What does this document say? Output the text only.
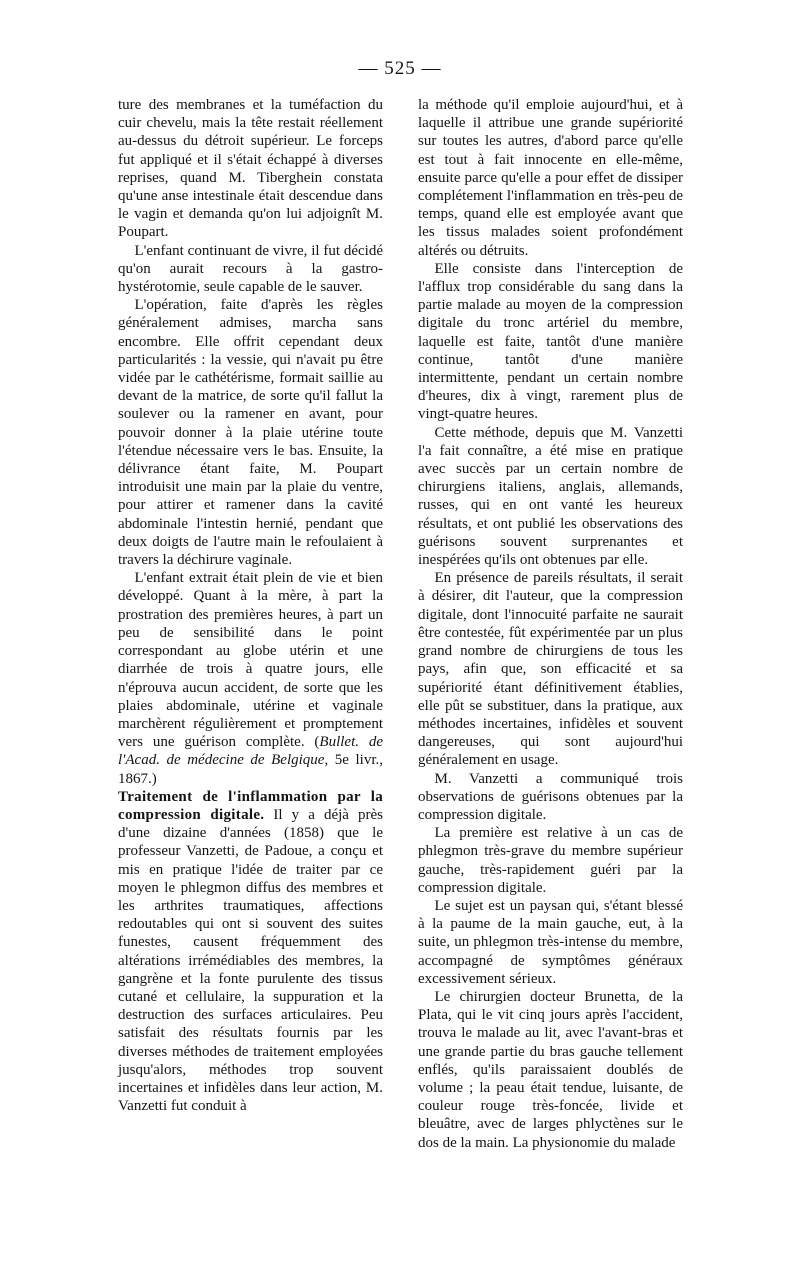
— 525 —

ture des membranes et la tuméfaction du cuir chevelu, mais la tête restait réellement au-dessus du détroit supérieur. Le forceps fut appliqué et il s'était échappé à diverses reprises, quand M. Tiberghein constata qu'une anse intestinale était descendue dans le vagin et demanda qu'on lui adjoignît M. Poupart.

L'enfant continuant de vivre, il fut décidé qu'on aurait recours à la gastro-hystérotomie, seule capable de le sauver.

L'opération, faite d'après les règles généralement admises, marcha sans encombre. Elle offrit cependant deux particularités : la vessie, qui n'avait pu être vidée par le cathétérisme, formait saillie au devant de la matrice, de sorte qu'il fallut la soulever ou la ramener en avant, pour pouvoir donner à la plaie utérine toute l'étendue nécessaire vers le bas. Ensuite, la délivrance étant faite, M. Poupart introduisit une main par la plaie du ventre, pour attirer et ramener dans la cavité abdominale l'intestin hernié, pendant que deux doigts de l'autre main le refoulaient à travers la déchirure vaginale.

L'enfant extrait était plein de vie et bien développé. Quant à la mère, à part la prostration des premières heures, à part un peu de sensibilité dans le point correspondant au globe utérin et une diarrhée de trois à quatre jours, elle n'éprouva aucun accident, de sorte que les plaies abdominale, utérine et vaginale marchèrent régulièrement et promptement vers une guérison complète. (Bullet. de l'Acad. de médecine de Belgique, 5e livr., 1867.)

Traitement de l'inflammation par la compression digitale. Il y a déjà près d'une dizaine d'années (1858) que le professeur Vanzetti, de Padoue, a conçu et mis en pratique l'idée de traiter par ce moyen le phlegmon diffus des membres et les arthrites traumatiques, affections redoutables qui ont si souvent des suites funestes, causent fréquemment des altérations irrémédiables des membres, la gangrène et la fonte purulente des tissus cutané et cellulaire, la suppuration et la destruction des surfaces articulaires. Peu satisfait des résultats fournis par les diverses méthodes de traitement employées jusqu'alors, méthodes trop souvent incertaines et infidèles dans leur action, M. Vanzetti fut conduit à

la méthode qu'il emploie aujourd'hui, et à laquelle il attribue une grande supériorité sur toutes les autres, d'abord parce qu'elle est tout à fait innocente en elle-même, ensuite parce qu'elle a pour effet de dissiper complétement l'inflammation en très-peu de temps, quand elle est employée avant que les tissus malades soient profondément altérés ou détruits.

Elle consiste dans l'interception de l'afflux trop considérable du sang dans la partie malade au moyen de la compression digitale du tronc artériel du membre, laquelle est faite, tantôt d'une manière continue, tantôt d'une manière intermittente, pendant un certain nombre d'heures, dix à vingt, rarement plus de vingt-quatre heures.

Cette méthode, depuis que M. Vanzetti l'a fait connaître, a été mise en pratique avec succès par un certain nombre de chirurgiens italiens, anglais, allemands, russes, qui en ont vanté les heureux résultats, et ont publié les observations des guérisons souvent surprenantes et inespérées qu'ils ont obtenues par elle.

En présence de pareils résultats, il serait à désirer, dit l'auteur, que la compression digitale, dont l'innocuité parfaite ne saurait être contestée, fût expérimentée par un plus grand nombre de chirurgiens de tous les pays, afin que, son efficacité et sa supériorité étant définitivement établies, elle pût se substituer, dans la pratique, aux méthodes incertaines, infidèles et souvent dangereuses, qui sont aujourd'hui généralement en usage.

M. Vanzetti a communiqué trois observations de guérisons obtenues par la compression digitale.

La première est relative à un cas de phlegmon très-grave du membre supérieur gauche, très-rapidement guéri par la compression digitale.

Le sujet est un paysan qui, s'étant blessé à la paume de la main gauche, eut, à la suite, un phlegmon très-intense du membre, accompagné de symptômes généraux excessivement sérieux.

Le chirurgien docteur Brunetta, de la Plata, qui le vit cinq jours après l'accident, trouva le malade au lit, avec l'avant-bras et une grande partie du bras gauche tellement enflés, qu'ils paraissaient doublés de volume ; la peau était tendue, luisante, de couleur rouge très-foncée, livide et bleuâtre, avec de larges phlyctènes sur le dos de la main. La physionomie du malade
